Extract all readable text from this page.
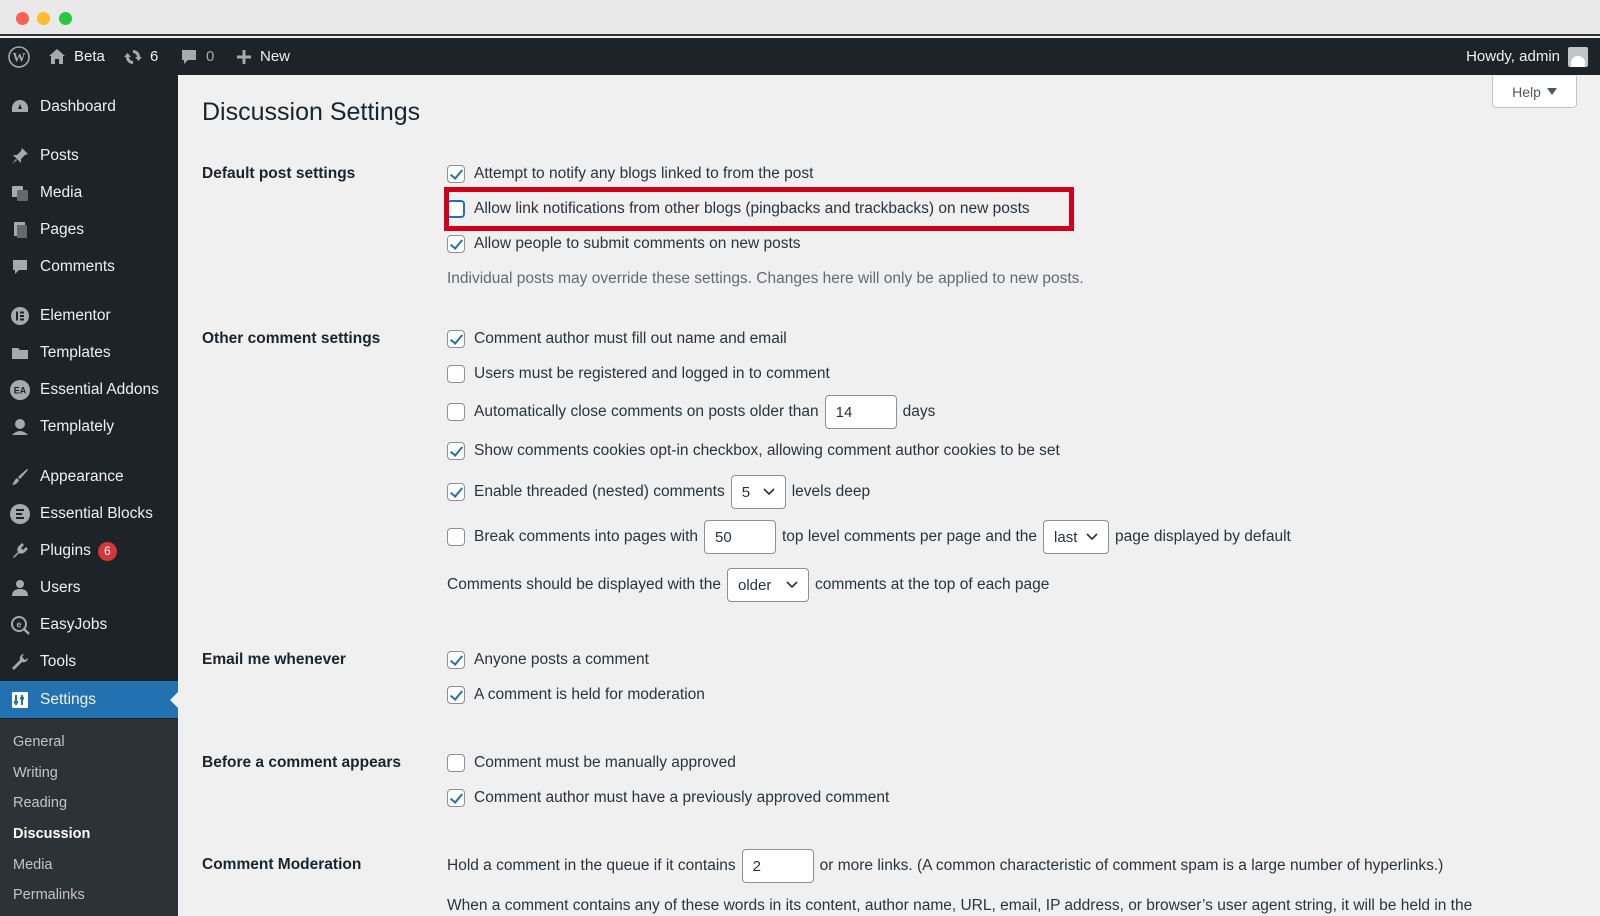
W	Beta	6	0	New	Howdy, admin
Dashboard
Posts
Media
Pages
Comments
Elementor
Templates
EA Essential Addons
Templately
Appearance
Essential Blocks
Plugins	6
Users
e EasyJobs
Tools
Settings
General
Writing
Reading
Discussion
Media
Permalinks
Help
Discussion Settings
Default post settings	Attempt to notify any blogs linked to from the post
Allow link notifications from other blogs (pingbacks and trackbacks) on new posts
Allow people to submit comments on new posts
Individual posts may override these settings. Changes here will only be applied to new posts.
Other comment settings	Comment author must fill out name and email
Users must be registered and logged in to comment
Automatically close comments on posts older than	14	days
Show comments cookies opt-in checkbox, allowing comment author cookies to be set
Enable threaded (nested) comments 5	levels deep
Break comments into pages with	50	top level comments per page and the last page displayed by default
Comments should be displayed with the older	comments at the top of each page
Email me whenever	Anyone posts a comment
A comment is held for moderation
Before a comment appears	Comment must be manually approved
Comment author must have a previously approved comment
Comment Moderation	Hold a comment in the queue if it contains	2	or more links. (A common characteristic of comment spam is a large number of hyperlinks.)
When a comment contains any of these words in its content, author name, URL, email, IP address, or browser’s user agent string, it will be held in the
